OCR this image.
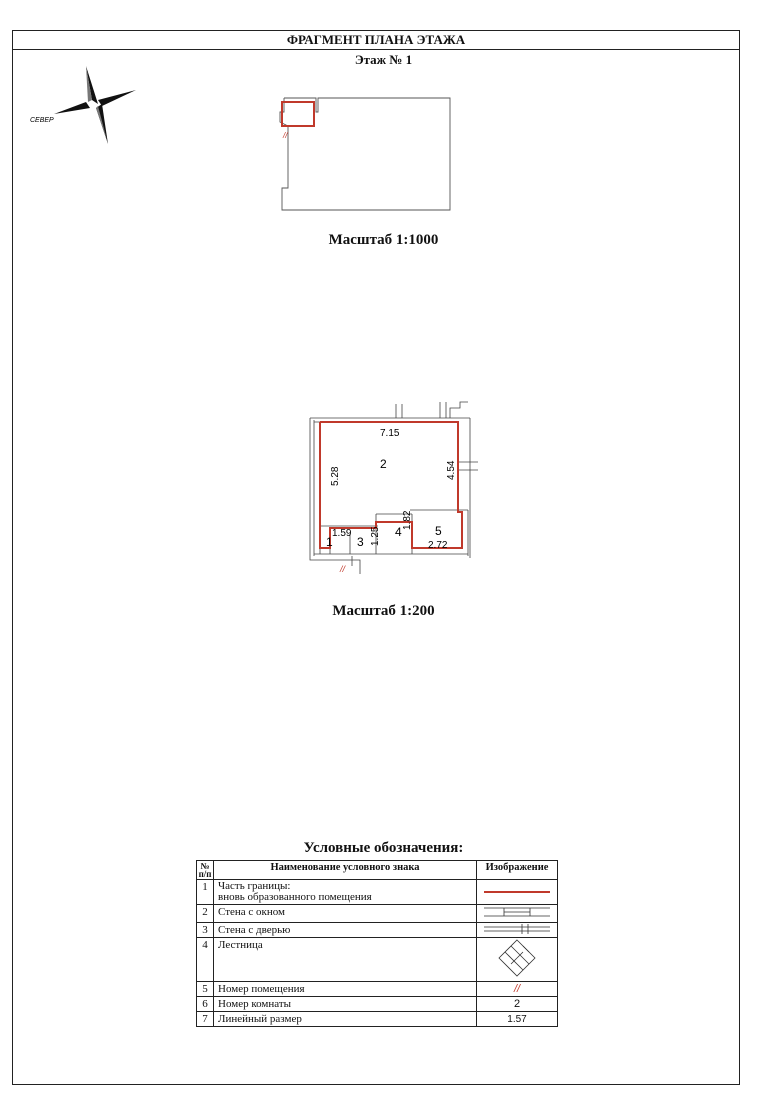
ФРАГМЕНТ ПЛАНА ЭТАЖА
Этаж № 1
СЕВЕР
//
Масштаб 1:1000
7.15
5.28	4.54
1.59 1.25
1.82
2.72
2
1 3
4	5
//
Масштаб 1:200
Условные обозначения:
№ п/п	Наименование условного знака	Изображение
1	Часть границы:
вновь образованного помещения	
2	Стена с окном	
3	Стена с дверью	
4	Лестница	
5	Номер помещения	//
6	Номер комнаты	2
7	Линейный размер	1.57
